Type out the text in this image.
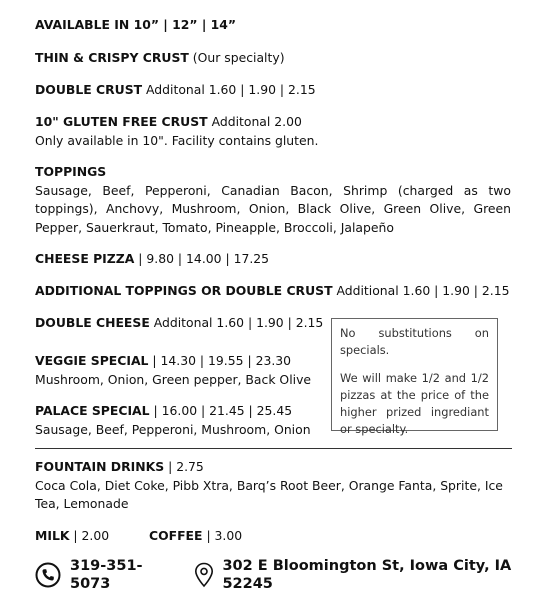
AVAILABLE IN 10” | 12” | 14”
THIN & CRISPY CRUST (Our specialty)
DOUBLE CRUST Additonal 1.60 | 1.90 | 2.15
10" GLUTEN FREE CRUST Additonal 2.00
Only available in 10". Facility contains gluten.
TOPPINGS
Sausage, Beef, Pepperoni, Canadian Bacon, Shrimp (charged as two toppings), Anchovy, Mushroom, Onion, Black Olive, Green Olive, Green Pepper, Sauerkraut, Tomato, Pineapple, Broccoli, Jalapeño
CHEESE PIZZA | 9.80 | 14.00 | 17.25
ADDITIONAL TOPPINGS OR DOUBLE CRUST Additional 1.60 | 1.90 | 2.15
DOUBLE CHEESE Additonal 1.60 | 1.90 | 2.15
VEGGIE SPECIAL | 14.30 | 19.55 | 23.30
Mushroom, Onion, Green pepper, Back Olive
PALACE SPECIAL | 16.00 | 21.45 | 25.45
Sausage, Beef, Pepperoni, Mushroom, Onion

No substitutions on specials.

We will make 1/2 and 1/2 pizzas at the price of the higher prized ingrediant or specialty.

FOUNTAIN DRINKS | 2.75
Coca Cola, Diet Coke, Pibb Xtra, Barq’s Root Beer, Orange Fanta, Sprite, Ice Tea, Lemonade
MILK | 2.00	COFFEE | 3.00
319-351-5073
302 E Bloomington St, Iowa City, IA 52245
